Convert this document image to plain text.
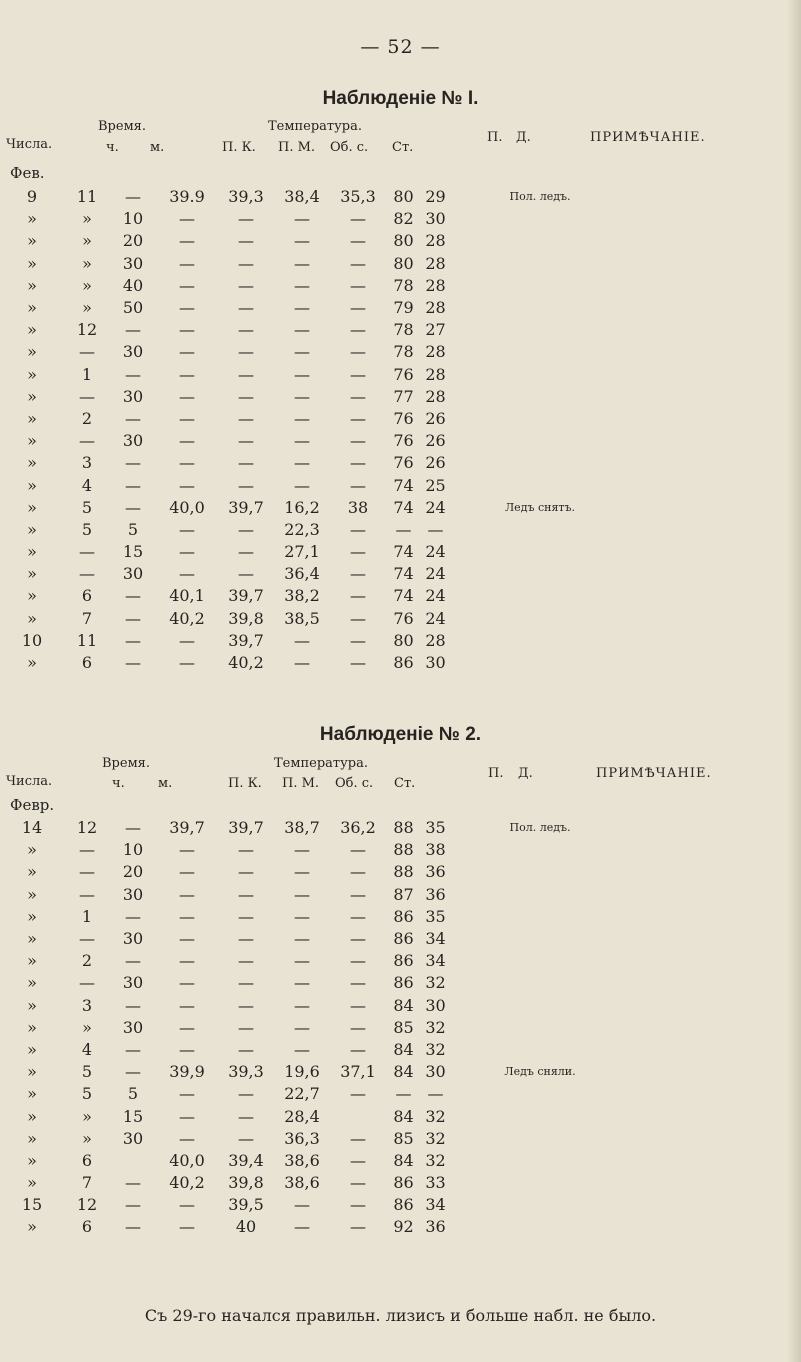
— 52 —
Наблюденіе № I.
Числа.
Время.
ч. м.
Температура.
П. К. П. М. Об. с. Ст.
П. Д.	ПРИМѢЧАНІЕ.
Фев.
9	11	—	39.9	39,3	38,4	35,3	80	29	Пол. ледъ.
»	»	10	—	—	—	—	82	30	
»	»	20	—	—	—	—	80	28	
»	»	30	—	—	—	—	80	28	
»	»	40	—	—	—	—	78	28	
»	»	50	—	—	—	—	79	28	
»	12	—	—	—	—	—	78	27	
»	—	30	—	—	—	—	78	28	
»	1	—	—	—	—	—	76	28	
»	—	30	—	—	—	—	77	28	
»	2	—	—	—	—	—	76	26	
»	—	30	—	—	—	—	76	26	
»	3	—	—	—	—	—	76	26	
»	4	—	—	—	—	—	74	25	
»	5	—	40,0	39,7	16,2	38	74	24	Ледъ снятъ.
»	5	5	—	—	22,3	—	—	—	
»	—	15	—	—	27,1	—	74	24	
»	—	30	—	—	36,4	—	74	24	
»	6	—	40,1	39,7	38,2	—	74	24	
»	7	—	40,2	39,8	38,5	—	76	24	
10	11	—	—	39,7	—	—	80	28	
»	6	—	—	40,2	—	—	86	30	
Наблюденіе № 2.
Числа.
Время.
ч.	м.
Температура.
П. К. П. М. Об. с. Ст.
П. Д.	ПРИМѢЧАНІЕ.
Февр.
14	12	—	39,7	39,7	38,7	36,2	88	35	Пол. ледъ.
»	—	10	—	—	—	—	88	38	
»	—	20	—	—	—	—	88	36	
»	—	30	—	—	—	—	87	36	
»	1	—	—	—	—	—	86	35	
»	—	30	—	—	—	—	86	34	
»	2	—	—	—	—	—	86	34	
»	—	30	—	—	—	—	86	32	
»	3	—	—	—	—	—	84	30	
»	»	30	—	—	—	—	85	32	
»	4	—	—	—	—	—	84	32	
»	5	—	39,9	39,3	19,6	37,1	84	30	Ледъ сняли.
»	5	5	—	—	22,7	—	—	—	
»	»	15	—	—	28,4		84	32	
»	»	30	—	—	36,3	—	85	32	
»	6		40,0	39,4	38,6	—	84	32	
»	7	—	40,2	39,8	38,6	—	86	33	
15	12	—	—	39,5	—	—	86	34	
»	6	—	—	40	—	—	92	36	
Съ 29-го начался правильн. лизисъ и больше набл. не было.
